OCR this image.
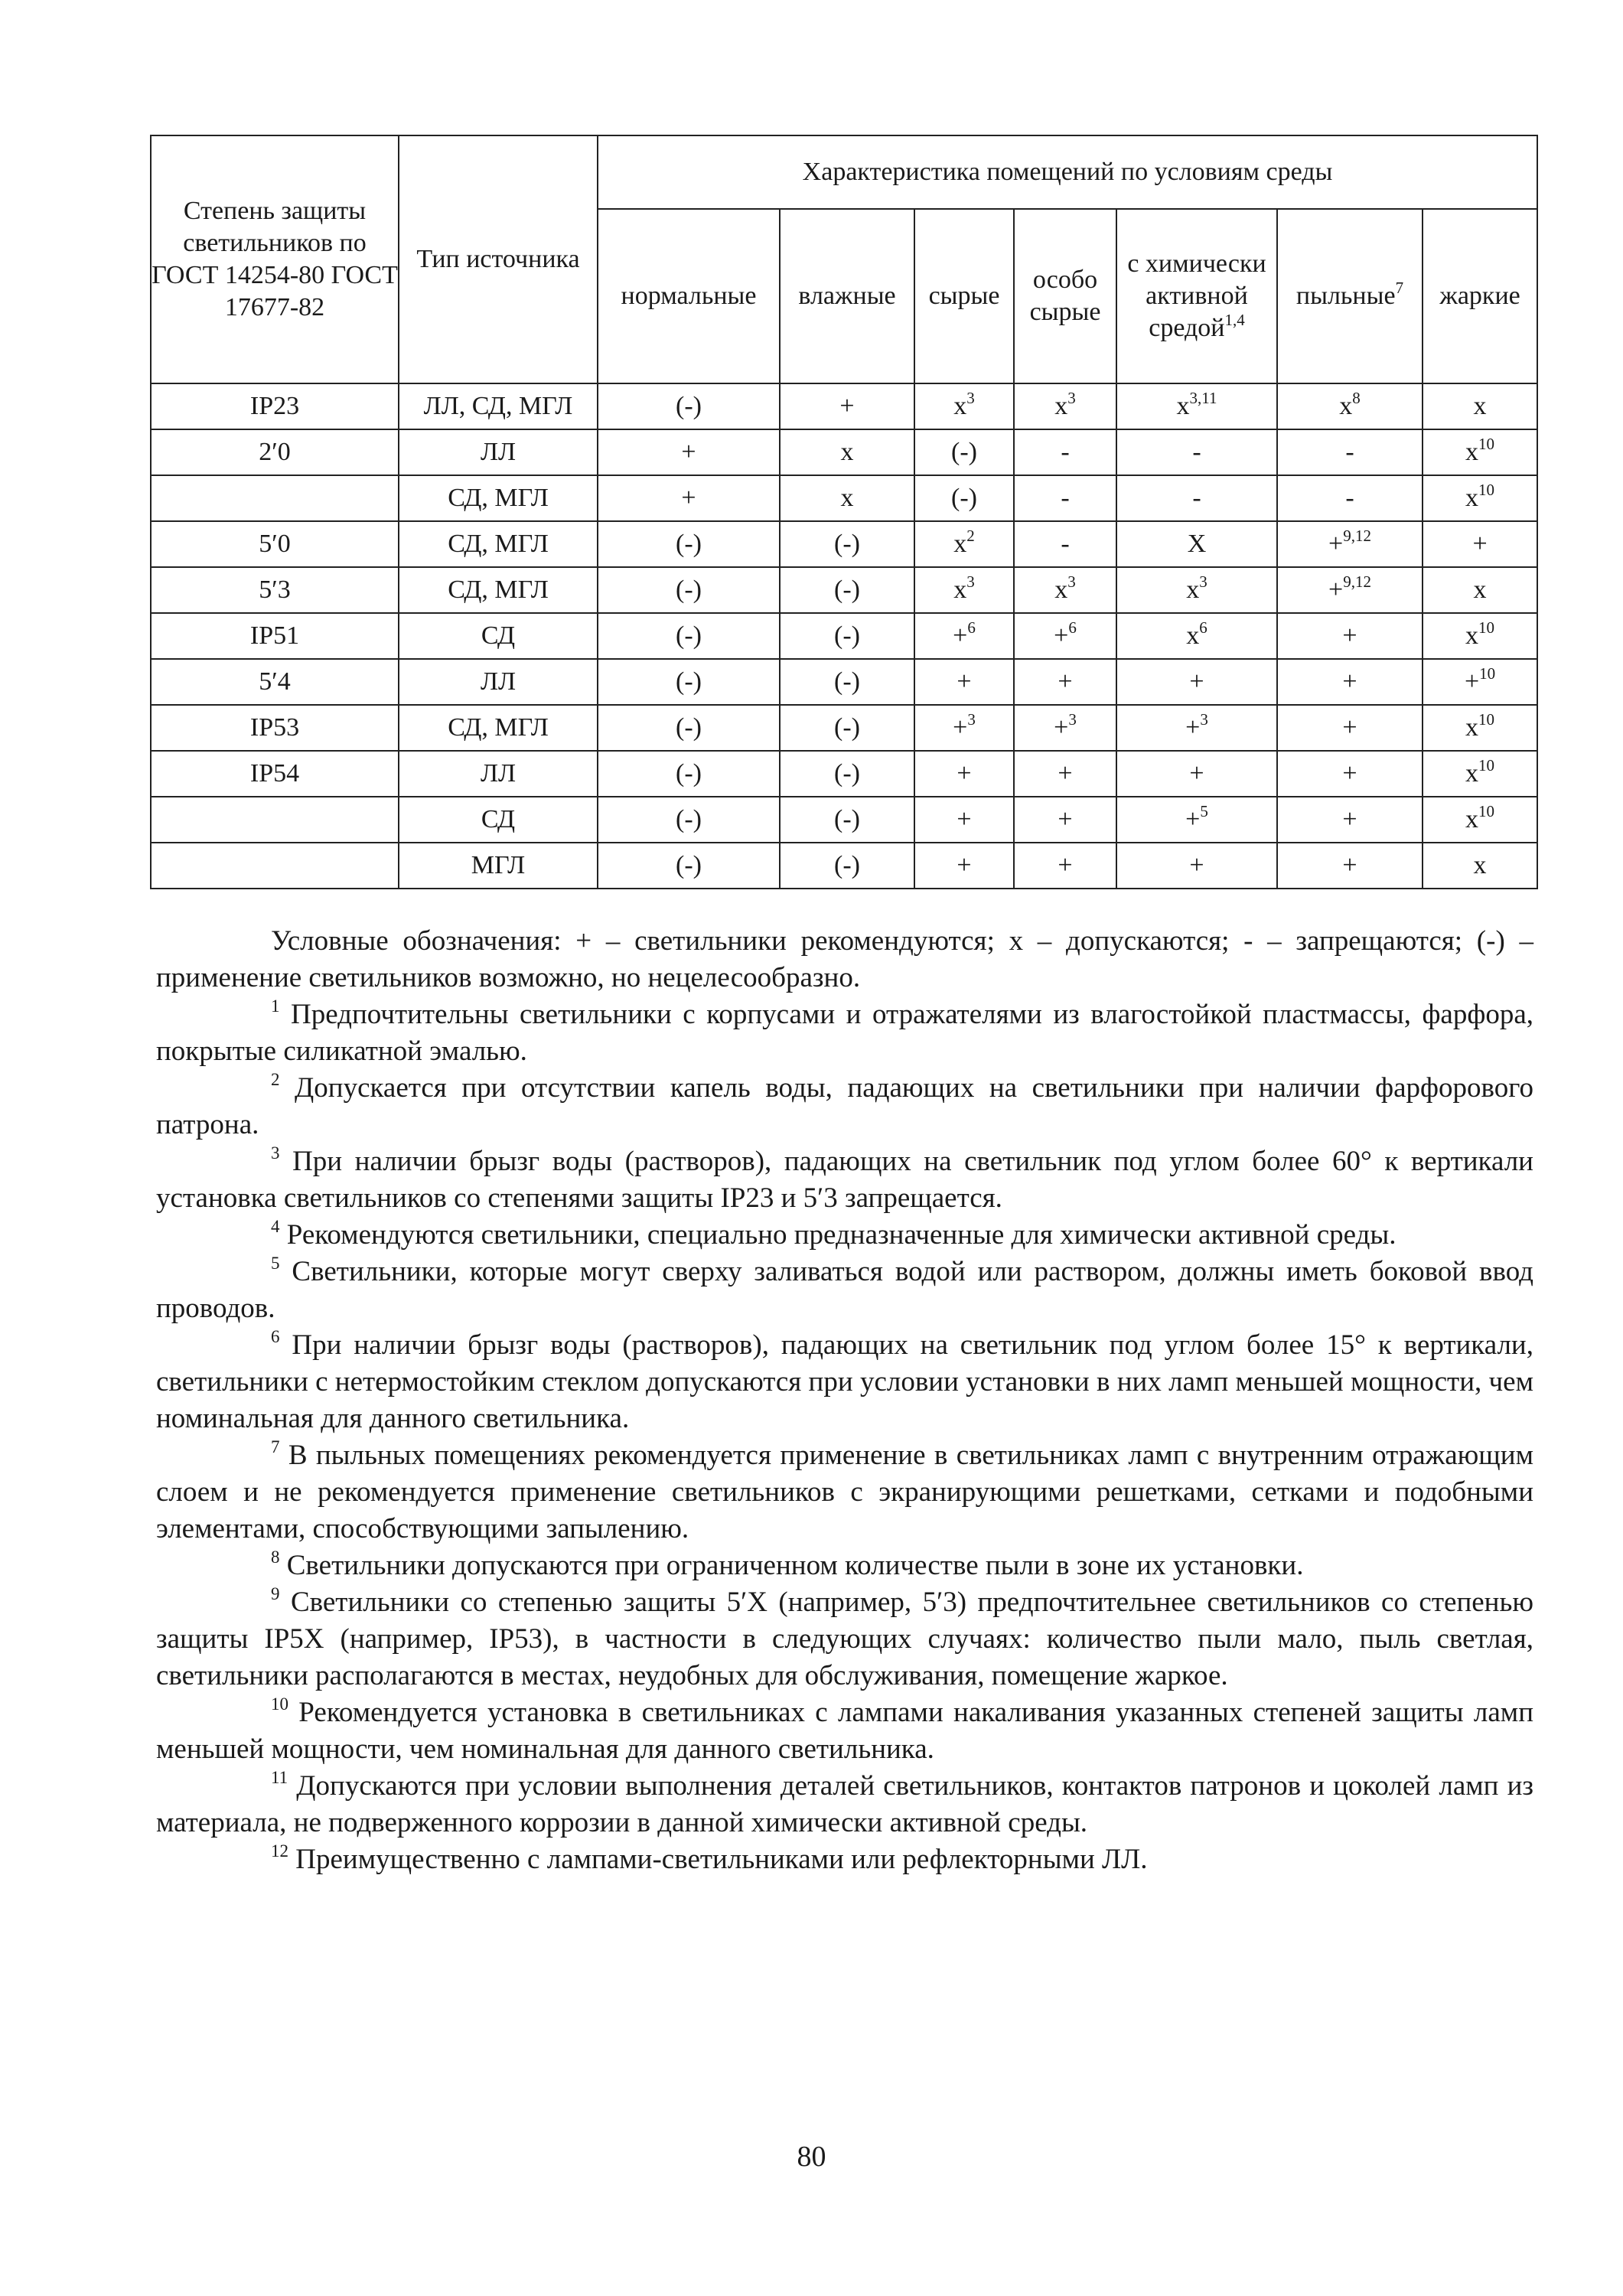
Степень защиты светильников по ГОСТ 14254-80 ГОСТ 17677-82	Тип источника	Характеристика помещений по условиям среды						
		нормальные	влажные	сырые	особо сырые	с химически активной средой$^{1,4}$	пыльные$^7$	жаркие
IP23	ЛЛ, СД, МГЛ	(-)	+	$х^3$	$х^3$	$х^{3,11}$	$х^8$	х
2′0	ЛЛ	+	х	(-)	-	-	-	$х^{10}$
	СД, МГЛ	+	х	(-)	-	-	-	$х^{10}$
5′0	СД, МГЛ	(-)	(-)	$х^2$	-	Х	+$^{9,12}$	+
5′3	СД, МГЛ	(-)	(-)	$х^3$	$х^3$	$х^3$	+$^{9,12}$	х
IP51	СД	(-)	(-)	+$^6$	+$^6$	$х^6$	+	$х^{10}$
5′4	ЛЛ	(-)	(-)	+	+	+	+	+$^{10}$
IP53	СД, МГЛ	(-)	(-)	+$^3$	+$^3$	+$^3$	+	$х^{10}$
IP54	ЛЛ	(-)	(-)	+	+	+	+	$х^{10}$
	СД	(-)	(-)	+	+	+$^5$	+	$х^{10}$
	МГЛ	(-)	(-)	+	+	+	+	х

Условные обозначения: + – светильники рекомендуются; х – допускаются; - – запрещаются; (-) – применение светильников возможно, но нецелесообразно.

$^1$ Предпочтительны светильники с корпусами и отражателями из влагостойкой пластмассы, фарфора, покрытые силикатной эмалью.

$^2$ Допускается при отсутствии капель воды, падающих на светильники при наличии фарфорового патрона.

$^3$ При наличии брызг воды (растворов), падающих на светильник под углом более 60° к вертикали установка светильников со степенями защиты IP23 и 5′3 запрещается.

$^4$ Рекомендуются светильники, специально предназначенные для химически активной среды.

$^5$ Светильники, которые могут сверху заливаться водой или раствором, должны иметь боковой ввод проводов.

$^6$ При наличии брызг воды (растворов), падающих на светильник под углом более 15° к вертикали, светильники с нетермостойким стеклом допускаются при условии установки в них ламп меньшей мощности, чем номинальная для данного светильника.

$^7$ В пыльных помещениях рекомендуется применение в светильниках ламп с внутренним отражающим слоем и не рекомендуется применение светильников с экранирующими решетками, сетками и подобными элементами, способствующими запылению.

$^8$ Светильники допускаются при ограниченном количестве пыли в зоне их установки.

$^9$ Светильники со степенью защиты 5′X (например, 5′3) предпочтительнее светильников со степенью защиты IP5X (например, IP53), в частности в следующих случаях: количество пыли мало, пыль светлая, светильники располагаются в местах, неудобных для обслуживания, помещение жаркое.

$^{10}$ Рекомендуется установка в светильниках с лампами накаливания указанных степеней защиты ламп меньшей мощности, чем номинальная для данного светильника.

$^{11}$ Допускаются при условии выполнения деталей светильников, контактов патронов и цоколей ламп из материала, не подверженного коррозии в данной химически активной среды.

$^{12}$ Преимущественно с лампами-светильниками или рефлекторными ЛЛ.

80
